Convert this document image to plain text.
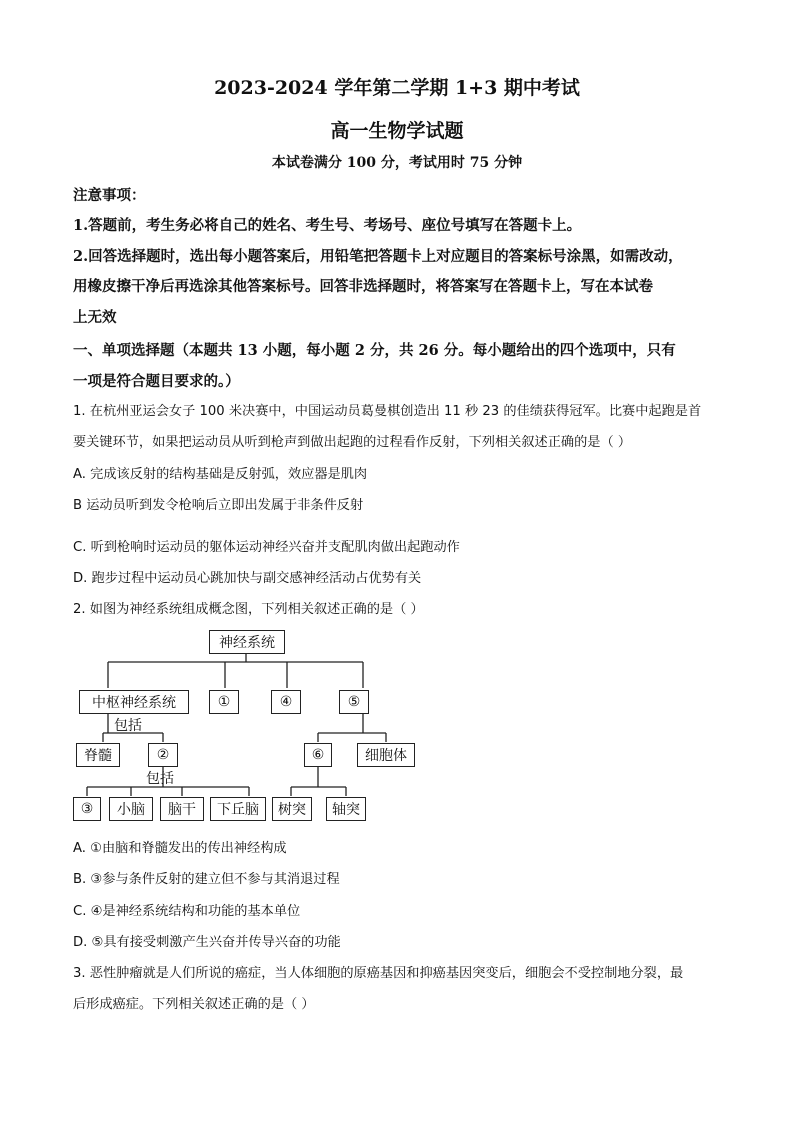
2023-2024 学年第二学期 1+3 期中考试
高一生物学试题
本试卷满分 100 分，考试用时 75 分钟
注意事项：
1.答题前，考生务必将自己的姓名、考生号、考场号、座位号填写在答题卡上。
2.回答选择题时，选出每小题答案后，用铅笔把答题卡上对应题目的答案标号涂黑，如需改动，
用橡皮擦干净后再选涂其他答案标号。回答非选择题时，将答案写在答题卡上，写在本试卷
上无效
一、单项选择题（本题共 13 小题，每小题 2 分，共 26 分。每小题给出的四个选项中，只有
一项是符合题目要求的。）
1. 在杭州亚运会女子 100 米决赛中，中国运动员葛曼棋创造出 11 秒 23 的佳绩获得冠军。比赛中起跑是首
要关键环节，如果把运动员从听到枪声到做出起跑的过程看作反射，下列相关叙述正确的是（ ）
A. 完成该反射的结构基础是反射弧，效应器是肌肉
B 运动员听到发令枪响后立即出发属于非条件反射
C. 听到枪响时运动员的躯体运动神经兴奋并支配肌肉做出起跑动作
D. 跑步过程中运动员心跳加快与副交感神经活动占优势有关
2. 如图为神经系统组成概念图，下列相关叙述正确的是（ ）
神经系统
中枢神经系统	①	④	⑤
包括
脊髓	②
包括
③	小脑	脑干	下丘脑
⑥	细胞体
树突	轴突
A. ①由脑和脊髓发出的传出神经构成
B. ③参与条件反射的建立但不参与其消退过程
C. ④是神经系统结构和功能的基本单位
D. ⑤具有接受刺激产生兴奋并传导兴奋的功能
3. 恶性肿瘤就是人们所说的癌症，当人体细胞的原癌基因和抑癌基因突变后，细胞会不受控制地分裂，最
后形成癌症。下列相关叙述正确的是（ ）
